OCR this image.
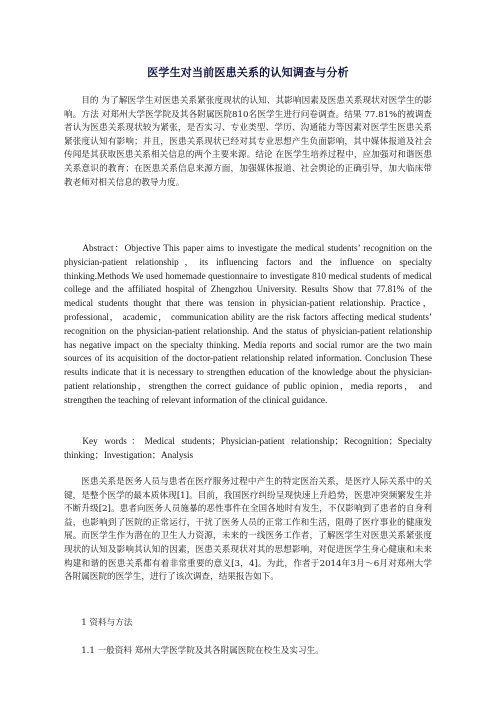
医学生对当前医患关系的认知调查与分析

目的 为了解医学生对医患关系紧张度现状的认知、其影响因素及医患关系现状对医学生的影响。方法 对郑州大学医学院及其各附属医院810名医学生进行问卷调查。结果 77.81%的被调查者认为医患关系现状较为紧张，是否实习、专业类型、学历、沟通能力等因素对医学生医患关系紧张度认知有影响；并且，医患关系现状已经对其专业思想产生负面影响，其中媒体报道及社会传闻是其获取医患关系相关信息的两个主要来源。结论 在医学生培养过程中，应加强对和谐医患关系意识的教育；在医患关系信息来源方面，加强媒体报道、社会舆论的正确引导，加大临床带教老师对相关信息的教导力度。

Abstract：Objective This paper aims to investigate the medical students’ recognition on the physician-patient relationship，its influencing factors and the influence on specialty thinking.Methods We used homemade questionnaire to investigate 810 medical students of medical college and the affiliated hospital of Zhengzhou University. Results Show that 77.81% of the medical students thought that there was tension in physician-patient relationship. Practice， professional， academic， communication ability are the risk factors affecting medical students’ recognition on the physician-patient relationship. And the status of physician-patient relationship has negative impact on the specialty thinking. Media reports and social rumor are the two main sources of its acquisition of the doctor-patient relationship related information. Conclusion These results indicate that it is necessary to strengthen education of the knowledge about the physician-patient relationship，strengthen the correct guidance of public opinion，media reports， and strengthen the teaching of relevant information of the clinical guidance.

Key words：Medical students；Physician-patient relationship；Recognition；Specialty thinking；Investigation；Analysis

医患关系是医务人员与患者在医疗服务过程中产生的特定医治关系，是医疗人际关系中的关键，是整个医学的最本质体现[1]。目前，我国医疗纠纷呈现快速上升趋势，医患冲突频繁发生并不断升级[2]。患者向医务人员施暴的恶性事件在全国各地时有发生，不仅影响到了患者的自身利益，也影响到了医院的正常运行，干扰了医务人员的正常工作和生活，阻碍了医疗事业的健康发展。而医学生作为潜在的卫生人力资源，未来的一线医务工作者，了解医学生对医患关系紧张度现状的认知及影响其认知的因素，医患关系现状对其的思想影响，对促进医学生身心健康和未来构建和谐的医患关系都有着非常重要的意义[3，4]。为此，作者于2014年3月～6月对郑州大学各附属医院的医学生，进行了该次调查，结果报告如下。

1 资料与方法

1.1 一般资料 郑州大学医学院及其各附属医院在校生及实习生。
